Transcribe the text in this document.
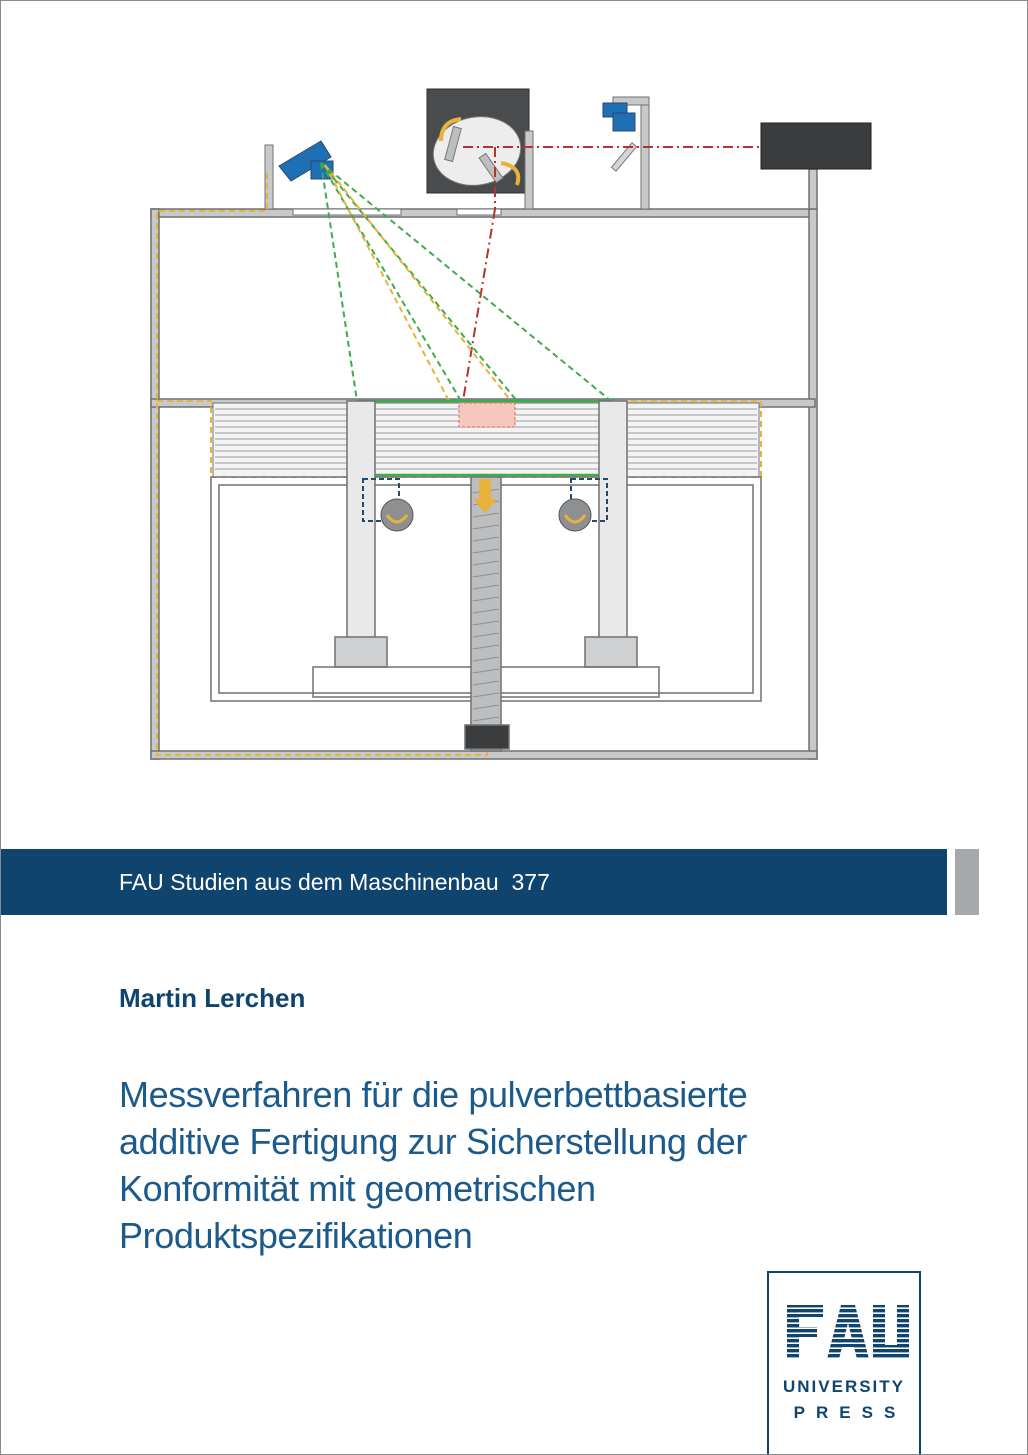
FAU Studien aus dem Maschinenbau  377
Martin Lerchen
Messverfahren für die pulverbettbasierte
additive Fertigung zur Sicherstellung der
Konformität mit geometrischen
Produktspezifikationen
UNIVERSITY
PRESS
